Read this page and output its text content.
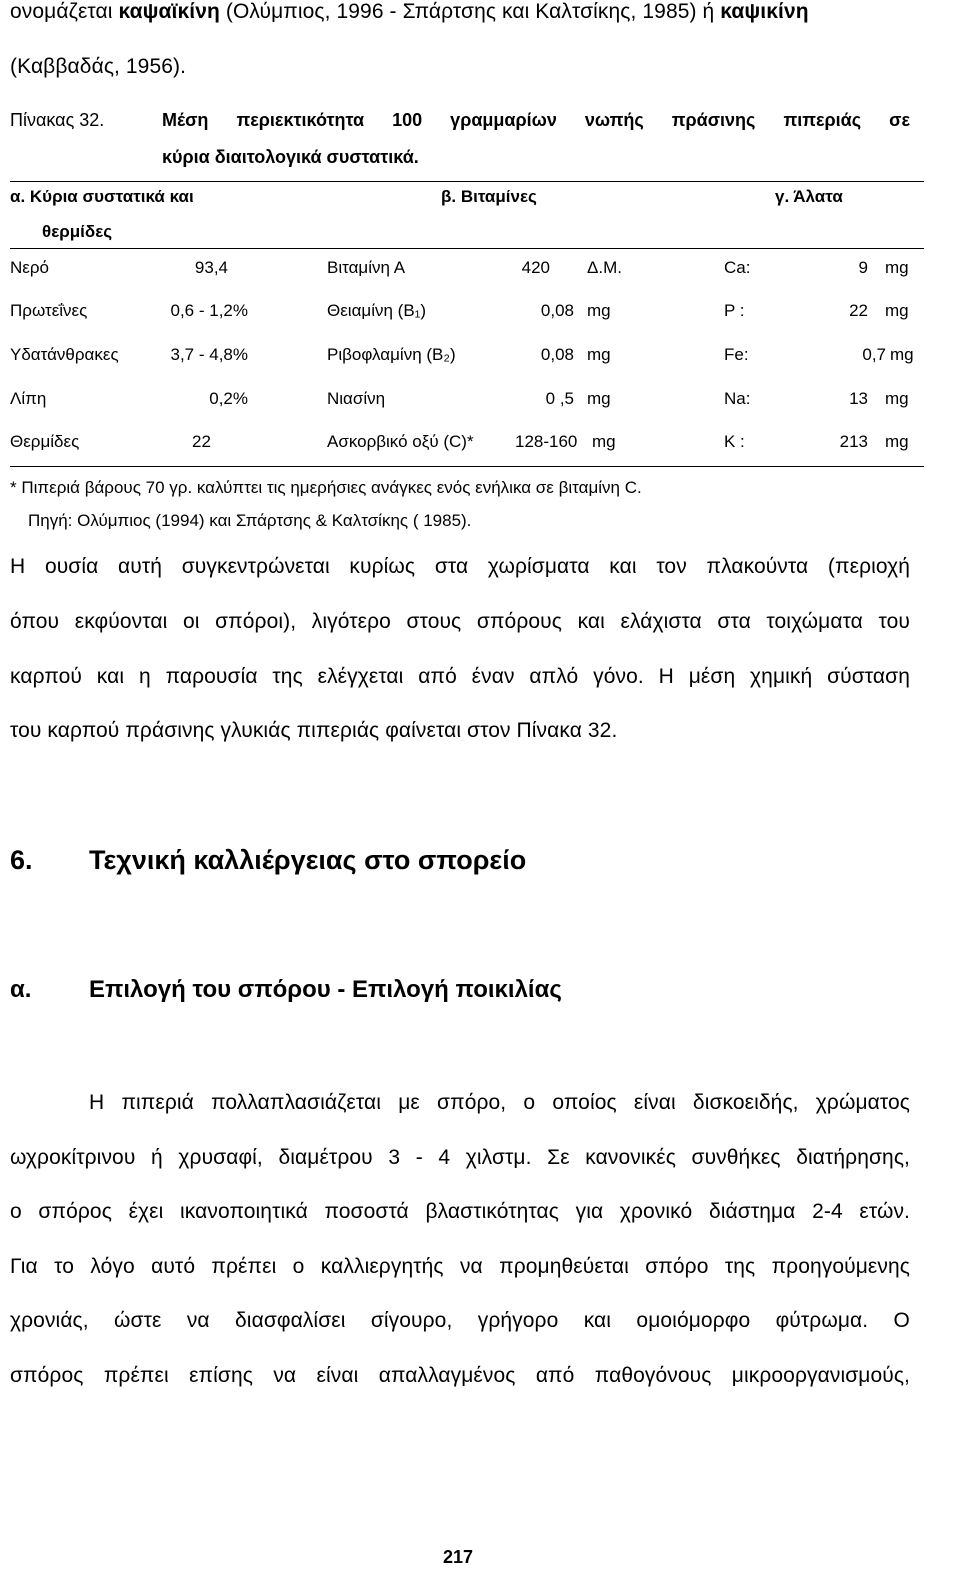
ονομάζεται καψαϊκίνη (Ολύμπιος, 1996 - Σπάρτσης και Καλτσίκης, 1985) ή καψικίνη
(Καββαδάς, 1956).
Πίνακας 32.	Μέση περιεκτικότητα 100 γραμμαρίων νωπής πράσινης πιπεριάς σε
κύρια διαιτολογικά συστατικά.
α. Κύρια συστατικά και
θερμίδες
β. Βιταμίνες	γ. Άλατα
Νερό	93,4	Βιταμίνη Α	420 Δ.Μ.	Ca:	9 mg
Πρωτεΐνες	0,6 - 1,2%	Θειαμίνη (Β₁)	0,08 mg	P :	22 mg
Υδατάνθρακες	3,7 - 4,8%	Ριβοφλαμίνη (Β₂)	0,08 mg	Fe:	0,7 mg
Λίπη	0,2%	Νιασίνη	0 ,5 mg	Na:	13 mg
Θερμίδες	22	Ασκορβικό οξύ (C)* 128-160 mg	K :	213 mg
* Πιπεριά βάρους 70 γρ. καλύπτει τις ημερήσιες ανάγκες ενός ενήλικα σε βιταμίνη C.
Πηγή: Ολύμπιος (1994) και Σπάρτσης & Καλτσίκης ( 1985).
Η ουσία αυτή συγκεντρώνεται κυρίως στα χωρίσματα και τον πλακούντα (περιοχή
όπου εκφύονται οι σπόροι), λιγότερο στους σπόρους και ελάχιστα στα τοιχώματα του
καρπού και η παρουσία της ελέγχεται από έναν απλό γόνο. Η μέση χημική σύσταση
του καρπού πράσινης γλυκιάς πιπεριάς φαίνεται στον Πίνακα 32.
6. Τεχνική καλλιέργειας στο σπορείο
α. Επιλογή του σπόρου - Επιλογή ποικιλίας
Η πιπεριά πολλαπλασιάζεται με σπόρο, ο οποίος είναι δισκοειδής, χρώματος
ωχροκίτρινου ή χρυσαφί, διαμέτρου 3 - 4 χιλστμ. Σε κανονικές συνθήκες διατήρησης,
ο σπόρος έχει ικανοποιητικά ποσοστά βλαστικότητας για χρονικό διάστημα 2-4 ετών.
Για το λόγο αυτό πρέπει ο καλλιεργητής να προμηθεύεται σπόρο της προηγούμενης
χρονιάς, ώστε να διασφαλίσει σίγουρο, γρήγορο και ομοιόμορφο φύτρωμα. Ο
σπόρος πρέπει επίσης να είναι απαλλαγμένος από παθογόνους μικροοργανισμούς,
217
